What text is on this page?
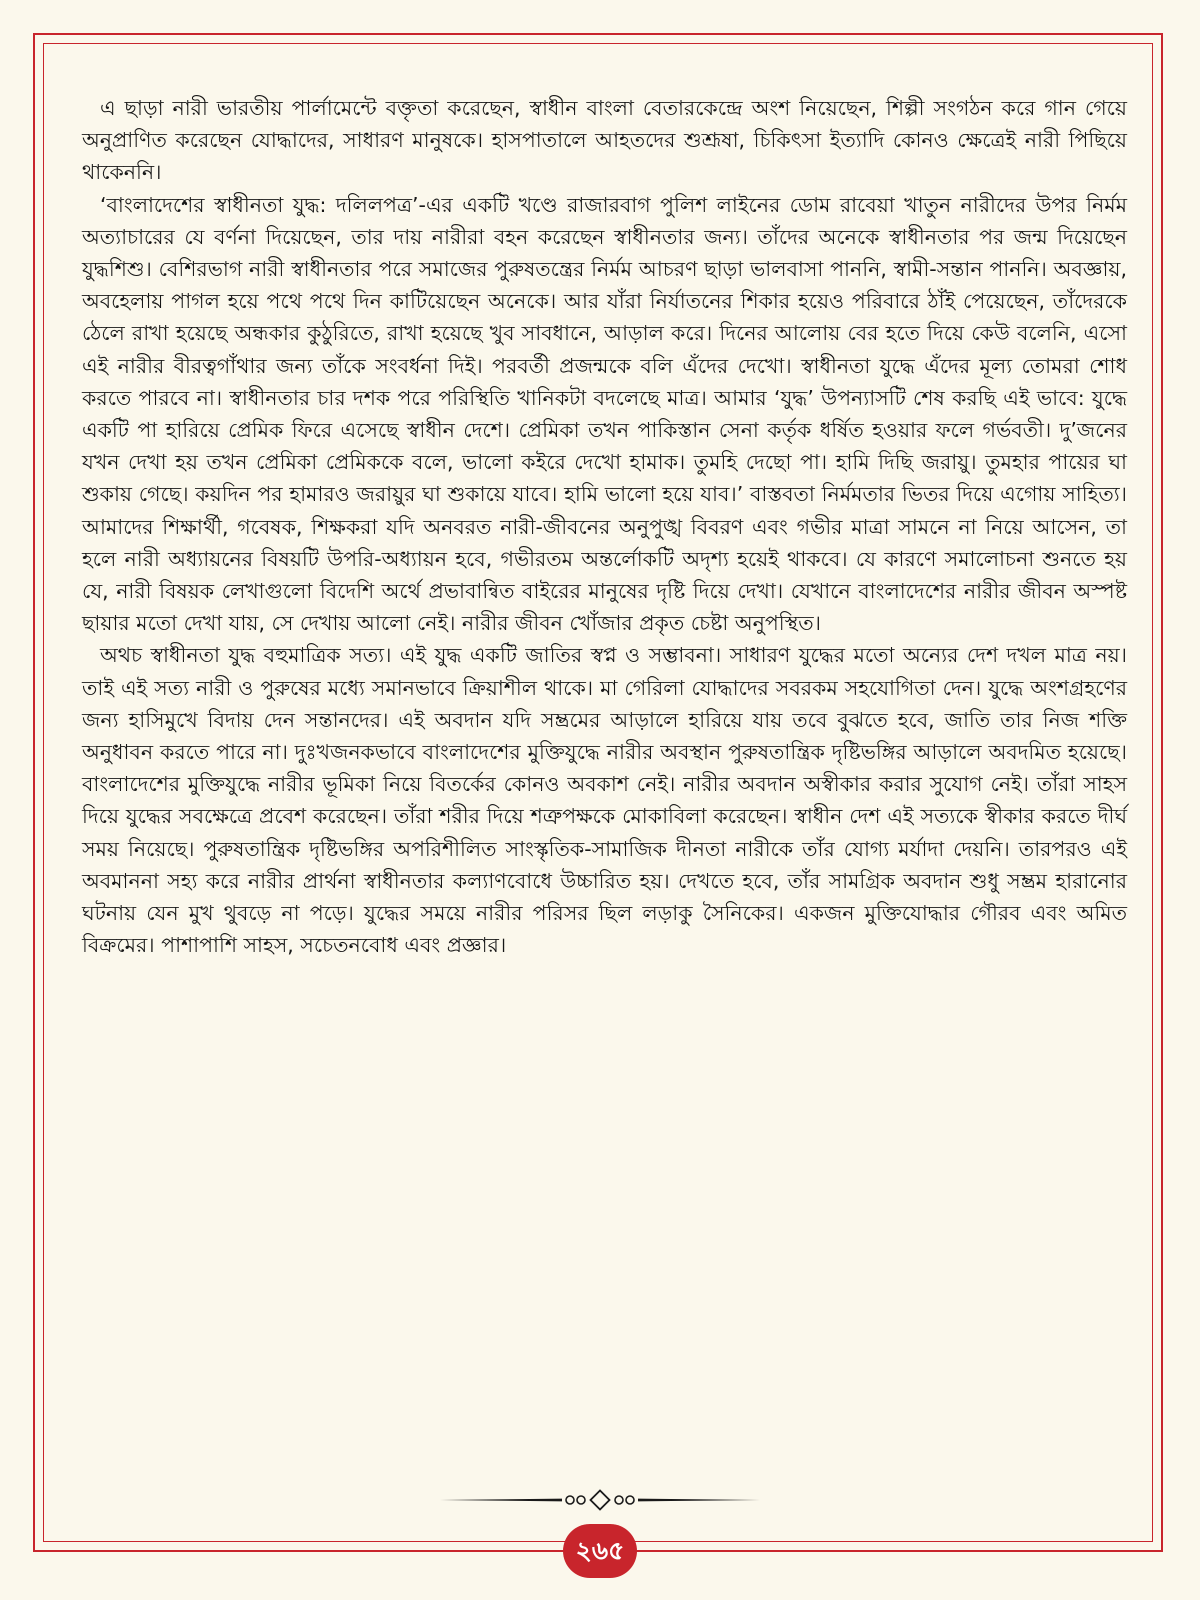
এ ছাড়া নারী ভারতীয় পার্লামেন্টে বক্তৃতা করেছেন, স্বাধীন বাংলা বেতারকেন্দ্রে অংশ নিয়েছেন, শিল্পী সংগঠন করে গান গেয়ে অনুপ্রাণিত করেছেন যোদ্ধাদের, সাধারণ মানুষকে। হাসপাতালে আহতদের শুশ্রূষা, চিকিৎসা ইত্যাদি কোনও ক্ষেত্রেই নারী পিছিয়ে থাকেননি।

‘বাংলাদেশের স্বাধীনতা যুদ্ধ: দলিলপত্র’-এর একটি খণ্ডে রাজারবাগ পুলিশ লাইনের ডোম রাবেয়া খাতুন নারীদের উপর নির্মম অত্যাচারের যে বর্ণনা দিয়েছেন, তার দায় নারীরা বহন করেছেন স্বাধীনতার জন্য। তাঁদের অনেকে স্বাধীনতার পর জন্ম দিয়েছেন যুদ্ধশিশু। বেশিরভাগ নারী স্বাধীনতার পরে সমাজের পুরুষতন্ত্রের নির্মম আচরণ ছাড়া ভালবাসা পাননি, স্বামী-সন্তান পাননি। অবজ্ঞায়, অবহেলায় পাগল হয়ে পথে পথে দিন কাটিয়েছেন অনেকে। আর যাঁরা নির্যাতনের শিকার হয়েও পরিবারে ঠাঁই পেয়েছেন, তাঁদেরকে ঠেলে রাখা হয়েছে অন্ধকার কুঠুরিতে, রাখা হয়েছে খুব সাবধানে, আড়াল করে। দিনের আলোয় বের হতে দিয়ে কেউ বলেনি, এসো এই নারীর বীরত্বগাঁথার জন্য তাঁকে সংবর্ধনা দিই। পরবর্তী প্রজন্মকে বলি এঁদের দেখো। স্বাধীনতা যুদ্ধে এঁদের মূল্য তোমরা শোধ করতে পারবে না। স্বাধীনতার চার দশক পরে পরিস্থিতি খানিকটা বদলেছে মাত্র। আমার ‘যুদ্ধ’ উপন্যাসটি শেষ করছি এই ভাবে: যুদ্ধে একটি পা হারিয়ে প্রেমিক ফিরে এসেছে স্বাধীন দেশে। প্রেমিকা তখন পাকিস্তান সেনা কর্তৃক ধর্ষিত হওয়ার ফলে গর্ভবতী। দু’জনের যখন দেখা হয় তখন প্রেমিকা প্রেমিককে বলে, ভালো কইরে দেখো হামাক। তুমহি দেছো পা। হামি দিছি জরায়ু। তুমহার পায়ের ঘা শুকায় গেছে। কয়দিন পর হামারও জরায়ুর ঘা শুকায়ে যাবে। হামি ভালো হয়ে যাব।’ বাস্তবতা নির্মমতার ভিতর দিয়ে এগোয় সাহিত্য। আমাদের শিক্ষার্থী, গবেষক, শিক্ষকরা যদি অনবরত নারী-জীবনের অনুপুঙ্খ বিবরণ এবং গভীর মাত্রা সামনে না নিয়ে আসেন, তা হলে নারী অধ্যায়নের বিষয়টি উপরি-অধ্যায়ন হবে, গভীরতম অন্তর্লোকটি অদৃশ্য হয়েই থাকবে। যে কারণে সমালোচনা শুনতে হয় যে, নারী বিষয়ক লেখাগুলো বিদেশি অর্থে প্রভাবান্বিত বাইরের মানুষের দৃষ্টি দিয়ে দেখা। যেখানে বাংলাদেশের নারীর জীবন অস্পষ্ট ছায়ার মতো দেখা যায়, সে দেখায় আলো নেই। নারীর জীবন খোঁজার প্রকৃত চেষ্টা অনুপস্থিত।

অথচ স্বাধীনতা যুদ্ধ বহুমাত্রিক সত্য। এই যুদ্ধ একটি জাতির স্বপ্ন ও সম্ভাবনা। সাধারণ যুদ্ধের মতো অন্যের দেশ দখল মাত্র নয়। তাই এই সত্য নারী ও পুরুষের মধ্যে সমানভাবে ক্রিয়াশীল থাকে। মা গেরিলা যোদ্ধাদের সবরকম সহযোগিতা দেন। যুদ্ধে অংশগ্রহণের জন্য হাসিমুখে বিদায় দেন সন্তানদের। এই অবদান যদি সম্ভ্রমের আড়ালে হারিয়ে যায় তবে বুঝতে হবে, জাতি তার নিজ শক্তি অনুধাবন করতে পারে না। দুঃখজনকভাবে বাংলাদেশের মুক্তিযুদ্ধে নারীর অবস্থান পুরুষতান্ত্রিক দৃষ্টিভঙ্গির আড়ালে অবদমিত হয়েছে। বাংলাদেশের মুক্তিযুদ্ধে নারীর ভূমিকা নিয়ে বিতর্কের কোনও অবকাশ নেই। নারীর অবদান অস্বীকার করার সুযোগ নেই। তাঁরা সাহস দিয়ে যুদ্ধের সবক্ষেত্রে প্রবেশ করেছেন। তাঁরা শরীর দিয়ে শত্রুপক্ষকে মোকাবিলা করেছেন। স্বাধীন দেশ এই সত্যকে স্বীকার করতে দীর্ঘ সময় নিয়েছে। পুরুষতান্ত্রিক দৃষ্টিভঙ্গির অপরিশীলিত সাংস্কৃতিক-সামাজিক দীনতা নারীকে তাঁর যোগ্য মর্যাদা দেয়নি। তারপরও এই অবমাননা সহ্য করে নারীর প্রার্থনা স্বাধীনতার কল্যাণবোধে উচ্চারিত হয়। দেখতে হবে, তাঁর সামগ্রিক অবদান শুধু সম্ভ্রম হারানোর ঘটনায় যেন মুখ থুবড়ে না পড়ে। যুদ্ধের সময়ে নারীর পরিসর ছিল লড়াকু সৈনিকের। একজন মুক্তিযোদ্ধার গৌরব এবং অমিত বিক্রমের। পাশাপাশি সাহস, সচেতনবোধ এবং প্রজ্ঞার।

২৬৫
